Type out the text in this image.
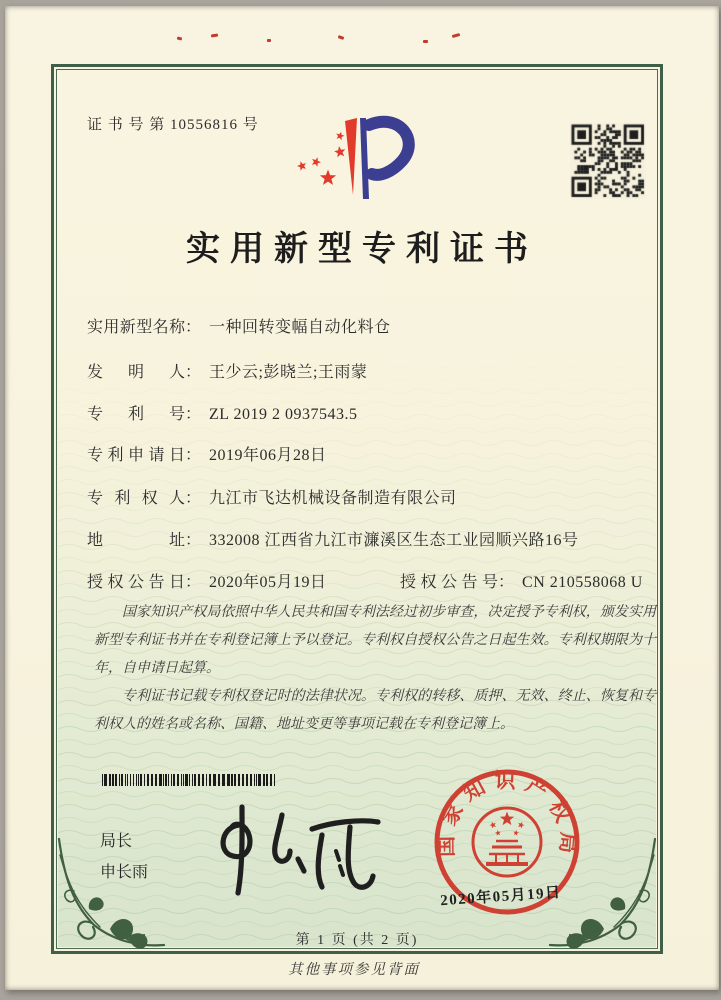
证 书 号 第 10556816 号
实用新型专利证书
实用新型名称： 一种回转变幅自动化料仓
发明人： 王少云;彭晓兰;王雨蒙
专利号： ZL 2019 2 0937543.5
专利申请日： 2019年06月28日
专利权人： 九江市飞达机械设备制造有限公司
地址： 332008 江西省九江市濂溪区生态工业园顺兴路16号
授权公告日： 2020年05月19日	授权公告号： CN 210558068 U

国家知识产权局依照中华人民共和国专利法经过初步审查，决定授予专利权，颁发实用新型专利证书并在专利登记簿上予以登记。专利权自授权公告之日起生效。专利权期限为十年，自申请日起算。

专利证书记载专利权登记时的法律状况。专利权的转移、质押、无效、终止、恢复和专利权人的姓名或名称、国籍、地址变更等事项记载在专利登记簿上。

局长
申长雨
国家知识产权局
2020年05月19日
第 1 页 (共 2 页)
其他事项参见背面
